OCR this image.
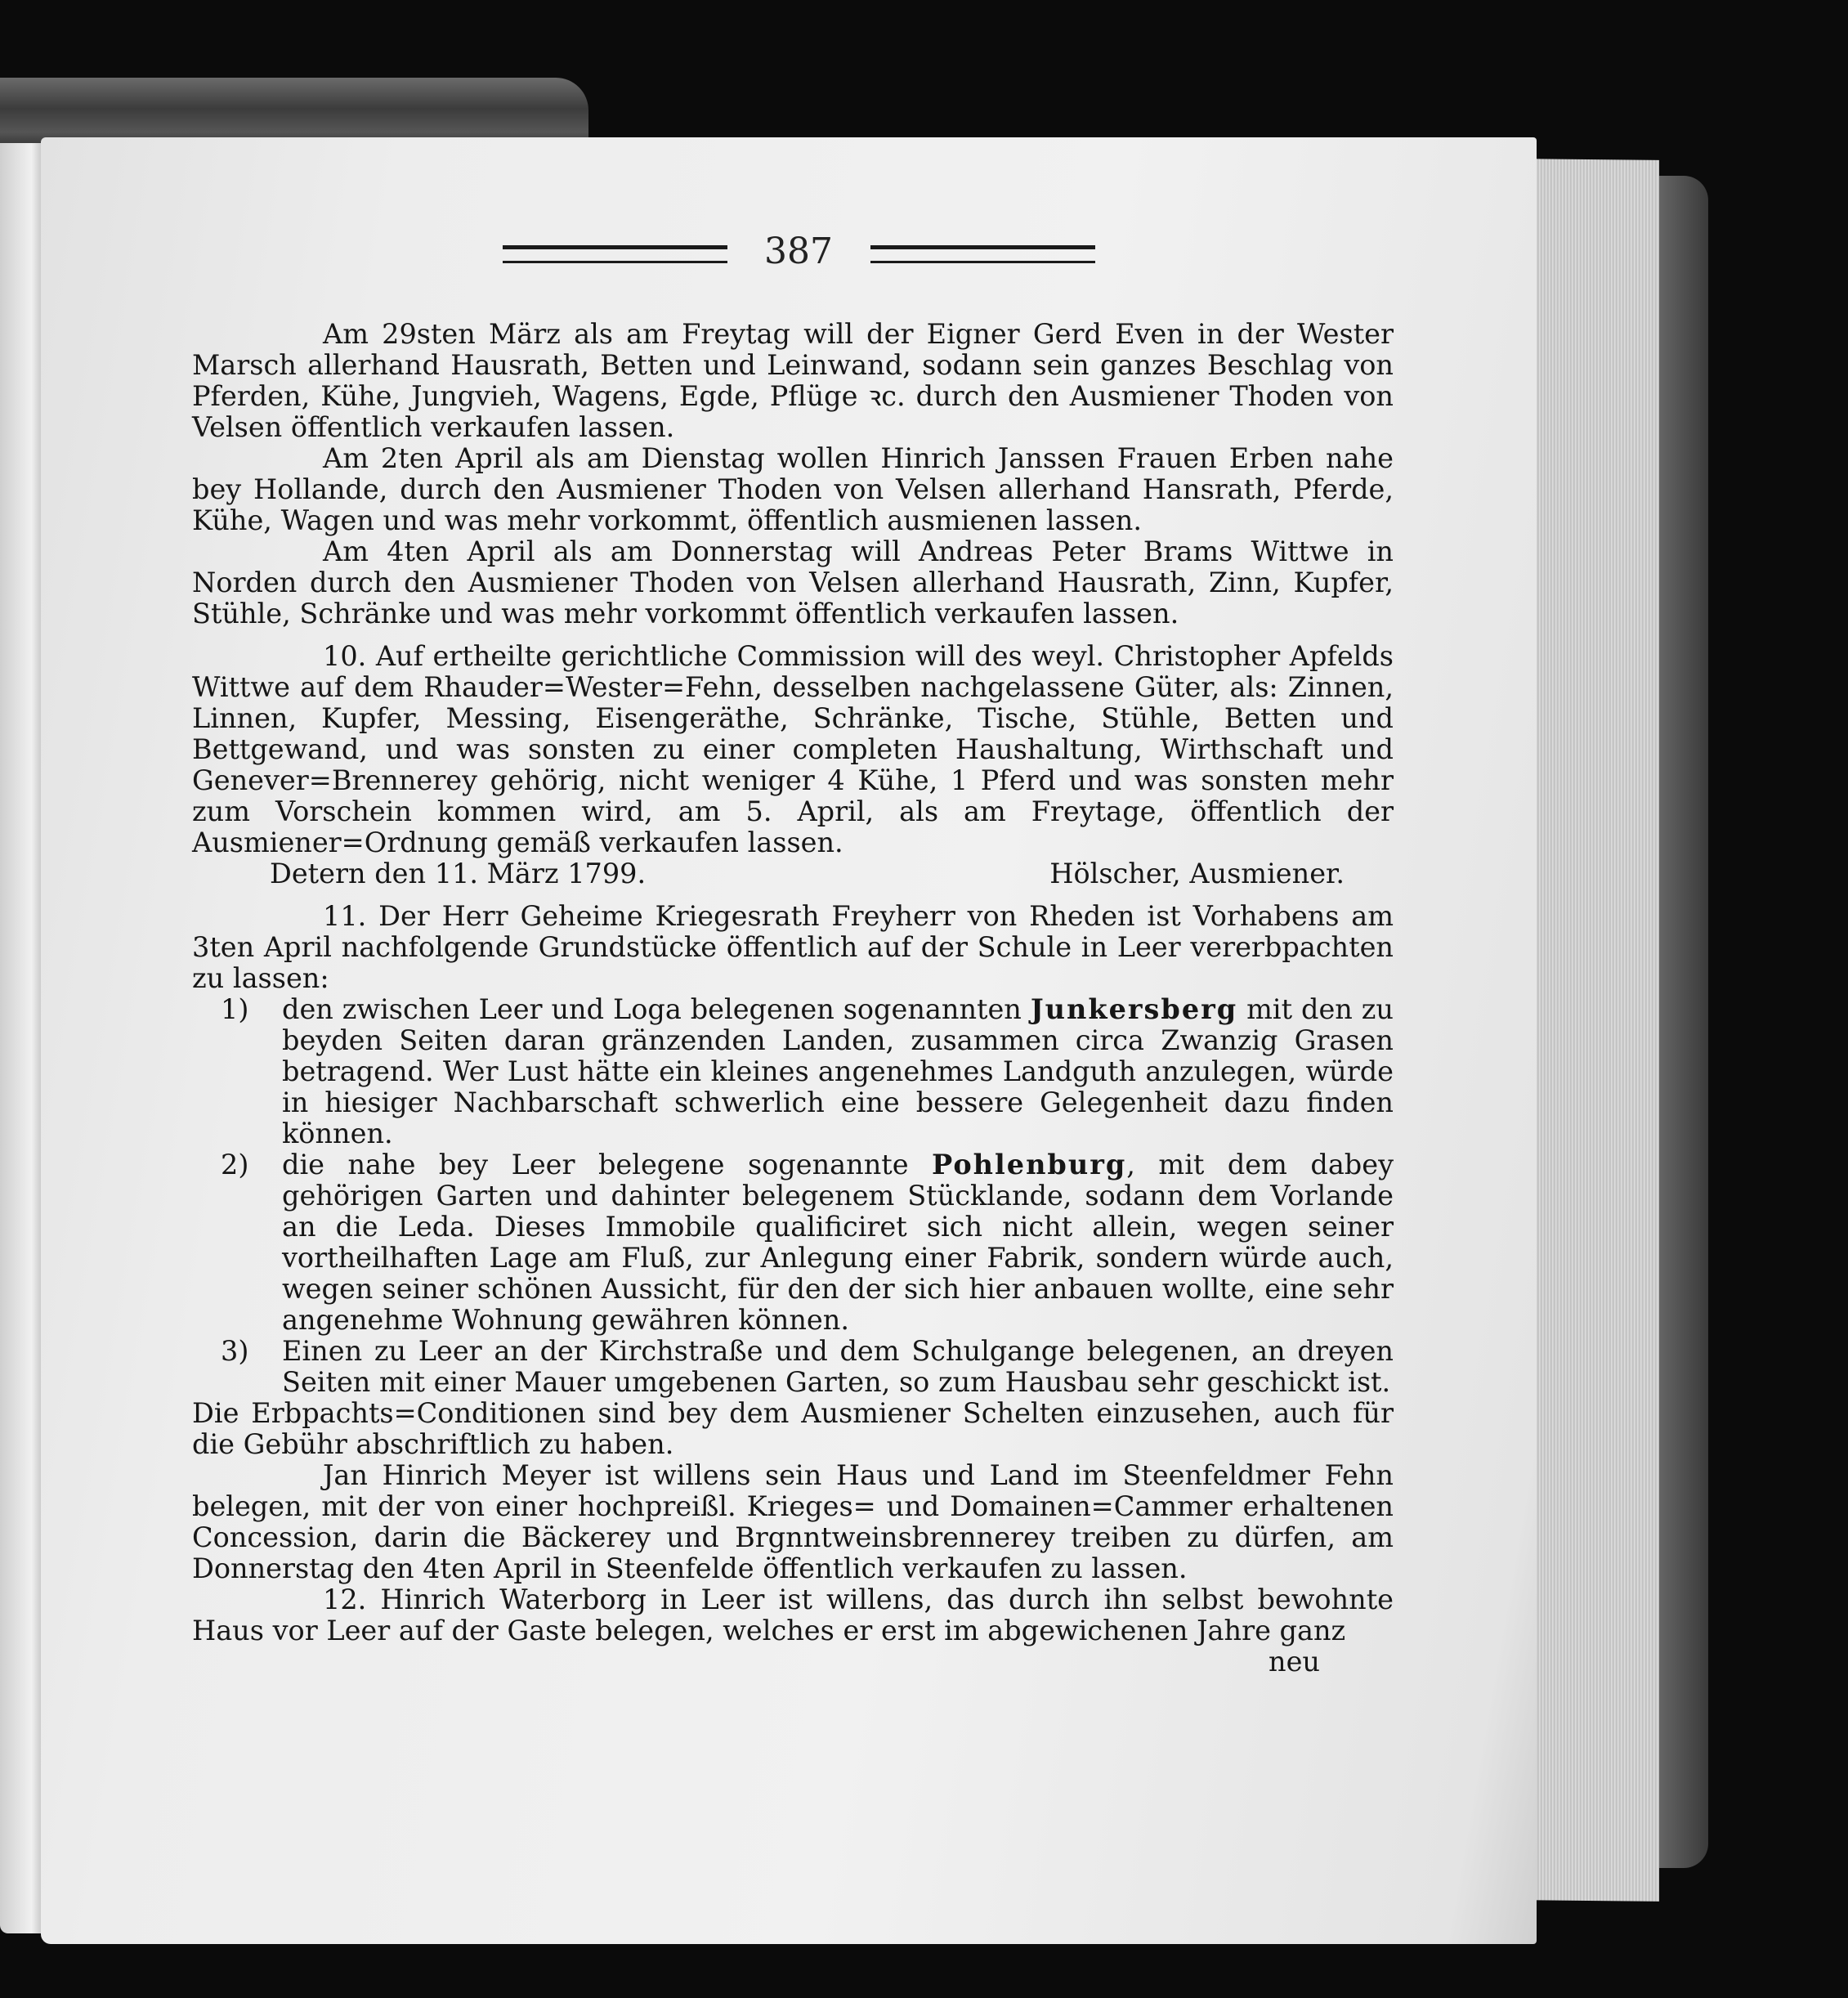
387

Am 29sten März als am Freytag will der Eigner Gerd Even in der Wester Marsch allerhand Hausrath, Betten und Leinwand, sodann sein ganzes Beschlag von Pferden, Kühe, Jungvieh, Wagens, Egde, Pflüge ꝛc. durch den Ausmiener Thoden von Velsen öffentlich verkaufen lassen.

Am 2ten April als am Dienstag wollen Hinrich Janssen Frauen Erben nahe bey Hollande, durch den Ausmiener Thoden von Velsen allerhand Hansrath, Pferde, Kühe, Wagen und was mehr vorkommt, öffentlich ausmienen lassen.

Am 4ten April als am Donnerstag will Andreas Peter Brams Wittwe in Norden durch den Ausmiener Thoden von Velsen allerhand Hausrath, Zinn, Kupfer, Stühle, Schränke und was mehr vorkommt öffentlich verkaufen lassen.

10. Auf ertheilte gerichtliche Commission will des weyl. Christopher Apfelds Wittwe auf dem Rhauder=Wester=Fehn, desselben nachgelassene Güter, als: Zinnen, Linnen, Kupfer, Messing, Eisengeräthe, Schränke, Tische, Stühle, Betten und Bettgewand, und was sonsten zu einer completen Haushaltung, Wirthschaft und Genever=Brennerey gehörig, nicht weniger 4 Kühe, 1 Pferd und was sonsten mehr zum Vorschein kommen wird, am 5. April, als am Freytage, öffentlich der Ausmiener=Ordnung gemäß verkaufen lassen.

Detern den 11. März 1799.	Hölscher, Ausmiener.

11. Der Herr Geheime Kriegesrath Freyherr von Rheden ist Vorhabens am 3ten April nachfolgende Grundstücke öffentlich auf der Schule in Leer vererbpachten zu lassen:

1) den zwischen Leer und Loga belegenen sogenannten Junkersberg mit den zu beyden Seiten daran gränzenden Landen, zusammen circa Zwanzig Grasen betragend. Wer Lust hätte ein kleines angenehmes Landguth anzulegen, würde in hiesiger Nachbarschaft schwerlich eine bessere Gelegenheit dazu finden können.
2) die nahe bey Leer belegene sogenannte Pohlenburg, mit dem dabey gehörigen Garten und dahinter belegenem Stücklande, sodann dem Vorlande an die Leda. Dieses Immobile qualificiret sich nicht allein, wegen seiner vortheilhaften Lage am Fluß, zur Anlegung einer Fabrik, sondern würde auch, wegen seiner schönen Aussicht, für den der sich hier anbauen wollte, eine sehr angenehme Wohnung gewähren können.
3) Einen zu Leer an der Kirchstraße und dem Schulgange belegenen, an dreyen Seiten mit einer Mauer umgebenen Garten, so zum Hausbau sehr geschickt ist.

Die Erbpachts=Conditionen sind bey dem Ausmiener Schelten einzusehen, auch für die Gebühr abschriftlich zu haben.

Jan Hinrich Meyer ist willens sein Haus und Land im Steenfeldmer Fehn belegen, mit der von einer hochpreißl. Krieges= und Domainen=Cammer erhaltenen Concession, darin die Bäckerey und Brgnntweinsbrennerey treiben zu dürfen, am Donnerstag den 4ten April in Steenfelde öffentlich verkaufen zu lassen.

12. Hinrich Waterborg in Leer ist willens, das durch ihn selbst bewohnte Haus vor Leer auf der Gaste belegen, welches er erst im abgewichenen Jahre ganz

neu
